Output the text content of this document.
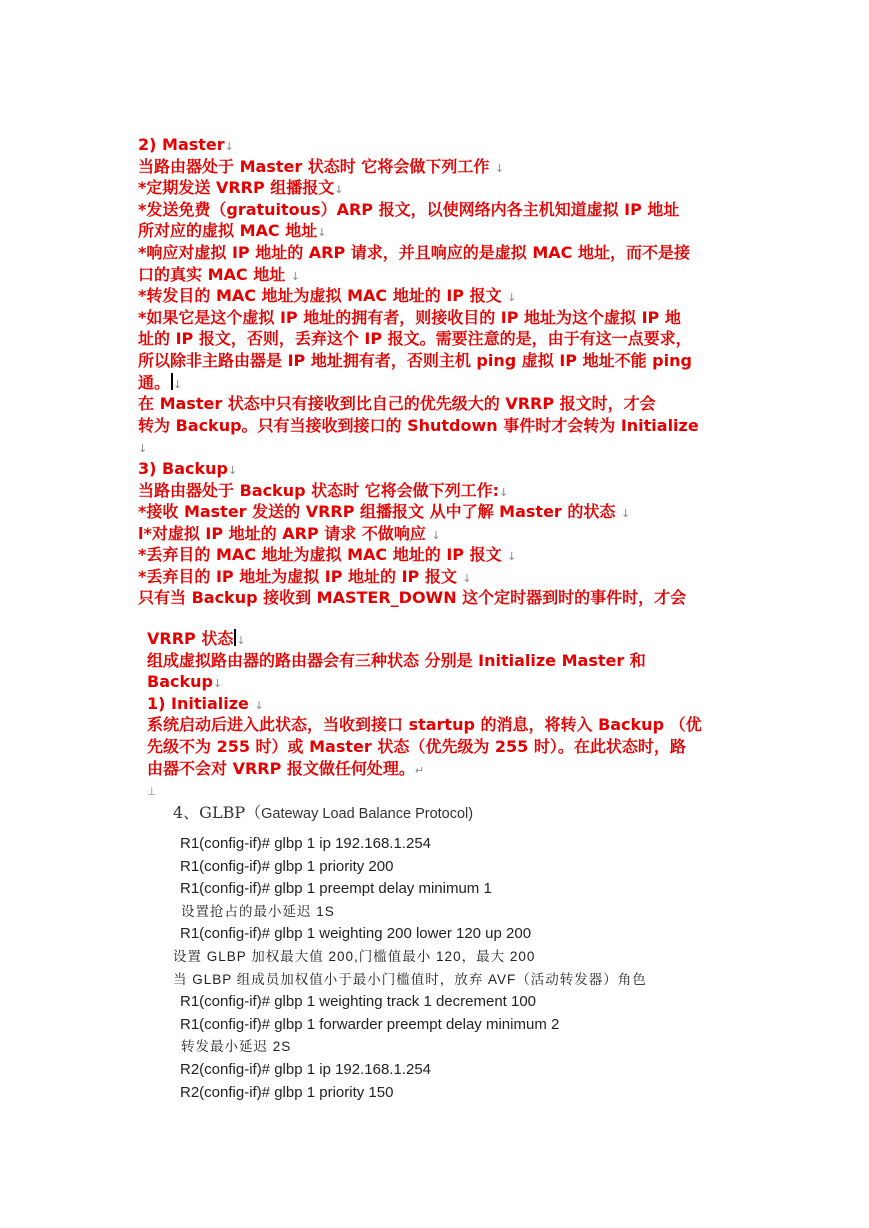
2) Master↓
当路由器处于 Master 状态时 它将会做下列工作 ↓
*定期发送 VRRP 组播报文↓
*发送免费（gratuitous）ARP 报文，以使网络内各主机知道虚拟 IP 地址
所对应的虚拟 MAC 地址↓
*响应对虚拟 IP 地址的 ARP 请求，并且响应的是虚拟 MAC 地址，而不是接
口的真实 MAC 地址 ↓
*转发目的 MAC 地址为虚拟 MAC 地址的 IP 报文 ↓
*如果它是这个虚拟 IP 地址的拥有者，则接收目的 IP 地址为这个虚拟 IP 地
址的 IP 报文，否则，丢弃这个 IP 报文。需要注意的是，由于有这一点要求，
所以除非主路由器是 IP 地址拥有者，否则主机 ping 虚拟 IP 地址不能 ping
通。 ↓
在 Master 状态中只有接收到比自己的优先级大的 VRRP 报文时，才会
转为 Backup。只有当接收到接口的 Shutdown 事件时才会转为 Initialize
↓
3) Backup↓
当路由器处于 Backup 状态时 它将会做下列工作:↓
*接收 Master 发送的 VRRP 组播报文 从中了解 Master 的状态 ↓
l*对虚拟 IP 地址的 ARP 请求 不做响应 ↓
*丢弃目的 MAC 地址为虚拟 MAC 地址的 IP 报文 ↓
*丢弃目的 IP 地址为虚拟 IP 地址的 IP 报文 ↓
只有当 Backup 接收到 MASTER_DOWN 这个定时器到时的事件时，才会
VRRP 状态 ↓
组成虚拟路由器的路由器会有三种状态 分别是 Initialize Master 和
Backup↓
1) Initialize ↓
系统启动后进入此状态，当收到接口 startup 的消息，将转入 Backup （优
先级不为 255 时）或 Master 状态（优先级为 255 时）。在此状态时，路
由器不会对 VRRP 报文做任何处理。↵
⊥
4、GLBP（Gateway Load Balance Protocol)
R1(config-if)# glbp 1 ip 192.168.1.254
R1(config-if)# glbp 1 priority 200
R1(config-if)# glbp 1 preempt delay minimum 1
设置抢占的最小延迟 1S
R1(config-if)# glbp 1 weighting 200 lower 120 up 200
设置 GLBP 加权最大值 200,门槛值最小 120，最大 200
当 GLBP 组成员加权值小于最小门槛值时，放弃 AVF（活动转发器）角色
R1(config-if)# glbp 1 weighting track 1 decrement 100
R1(config-if)# glbp 1 forwarder preempt delay minimum 2
转发最小延迟 2S
R2(config-if)# glbp 1 ip 192.168.1.254
R2(config-if)# glbp 1 priority 150
